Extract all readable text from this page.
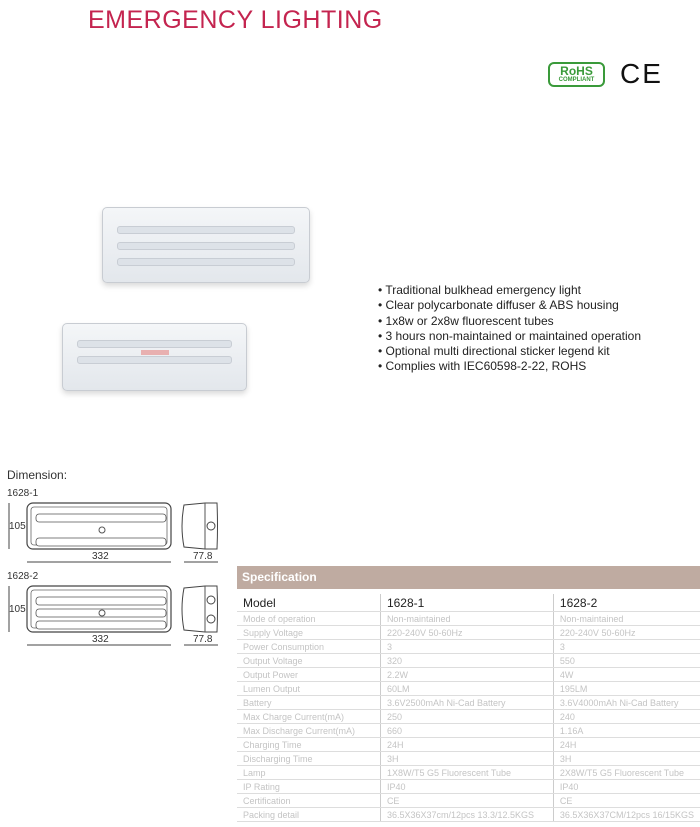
EMERGENCY LIGHTING
RoHS
COMPLIANT CE
• Traditional bulkhead emergency light
• Clear polycarbonate diffuser & ABS housing
• 1x8w or 2x8w fluorescent tubes
• 3 hours non-maintained or maintained operation
• Optional multi directional sticker legend kit
• Complies with IEC60598-2-22, ROHS
Dimension:
1628-1
105
332	77.8
1628-2
105
332	77.8
Specification
Model	1628-1	1628-2
Mode of operation	Non-maintained	Non-maintained
Supply Voltage	220-240V 50-60Hz	220-240V 50-60Hz
Power Consumption	3	3
Output Voltage	320	550
Output Power	2.2W	4W
Lumen Output	60LM	195LM
Battery	3.6V2500mAh Ni-Cad Battery	3.6V4000mAh Ni-Cad Battery
Max Charge Current(mA)	250	240
Max Discharge Current(mA)	660	1.16A
Charging Time	24H	24H
Discharging Time	3H	3H
Lamp	1X8W/T5 G5 Fluorescent Tube	2X8W/T5 G5 Fluorescent Tube
IP Rating	IP40	IP40
Certification	CE	CE
Packing detail	36.5X36X37cm/12pcs 13.3/12.5KGS	36.5X36X37CM/12pcs 16/15KGS
